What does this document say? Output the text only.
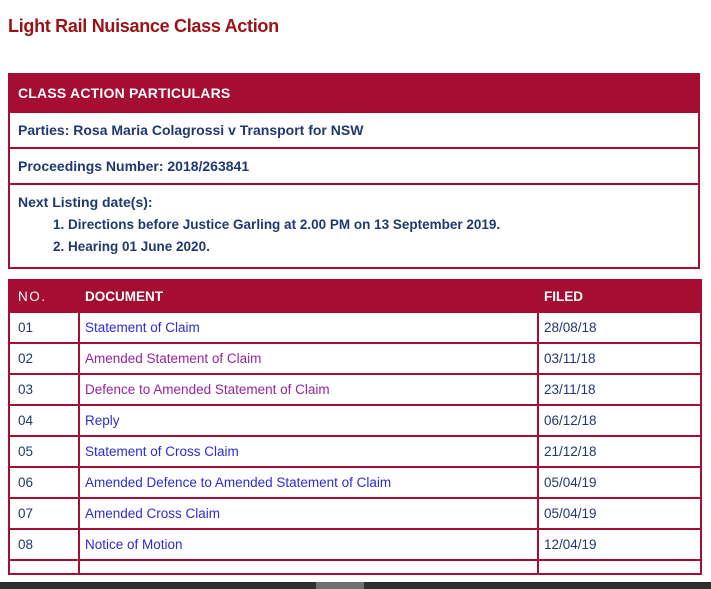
Light Rail Nuisance Class Action
CLASS ACTION PARTICULARS
Parties: Rosa Maria Colagrossi v Transport for NSW
Proceedings Number: 2018/263841
Next Listing date(s):
1. Directions before Justice Garling at 2.00 PM on 13 September 2019.
2. Hearing 01 June 2020.
NO.	DOCUMENT	FILED
01	Statement of Claim	28/08/18
02	Amended Statement of Claim	03/11/18
03	Defence to Amended Statement of Claim	23/11/18
04	Reply	06/12/18
05	Statement of Cross Claim	21/12/18
06	Amended Defence to Amended Statement of Claim	05/04/19
07	Amended Cross Claim	05/04/19
08	Notice of Motion	12/04/19
